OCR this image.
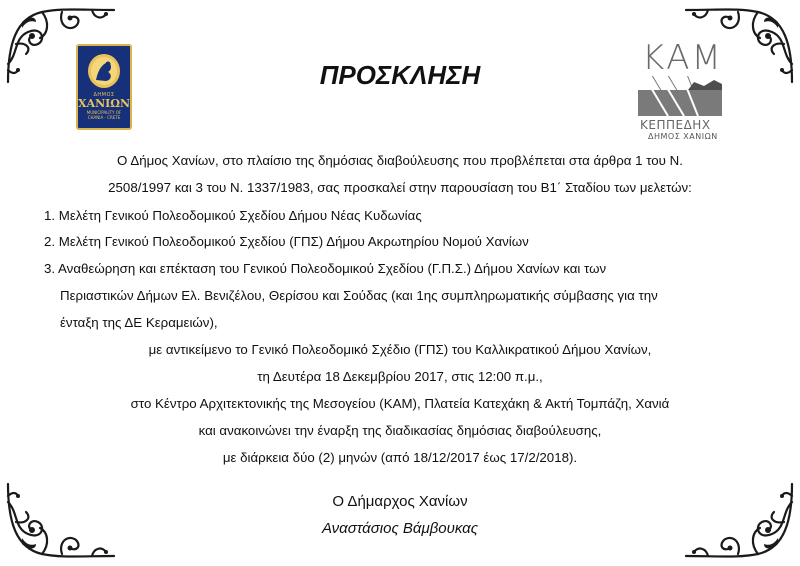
ΔΗΜΟΣ
ΧΑΝΙΩΝ
MUNICIPALITY OF
CHANIA - CRETE
ΚΑΜ
ΚΕΠΠΕΔΗΧ
ΔΗΜΟΣ ΧΑΝΙΩΝ
ΠΡΟΣΚΛΗΣΗ
Ο Δήμος Χανίων, στο πλαίσιο της δημόσιας διαβούλευσης που προβλέπεται στα άρθρα 1 του Ν.
2508/1997 και 3 του Ν. 1337/1983, σας προσκαλεί στην παρουσίαση του Β1΄ Σταδίου των μελετών:
1. Μελέτη Γενικού Πολεοδομικού Σχεδίου Δήμου Νέας Κυδωνίας
2. Μελέτη Γενικού Πολεοδομικού Σχεδίου (ΓΠΣ) Δήμου Ακρωτηρίου Νομού Χανίων
3. Αναθεώρηση και επέκταση του Γενικού Πολεοδομικού Σχεδίου (Γ.Π.Σ.) Δήμου Χανίων και των
Περιαστικών Δήμων Ελ. Βενιζέλου, Θερίσου και Σούδας (και 1ης συμπληρωματικής σύμβασης για την
ένταξη της ΔΕ Κεραμειών),
με αντικείμενο το Γενικό Πολεοδομικό Σχέδιο (ΓΠΣ) του Καλλικρατικού Δήμου Χανίων,
τη Δευτέρα 18 Δεκεμβρίου 2017, στις 12:00 π.μ.,
στο Κέντρο Αρχιτεκτονικής της Μεσογείου (ΚΑΜ), Πλατεία Κατεχάκη & Ακτή Τομπάζη, Χανιά
και ανακοινώνει την έναρξη της διαδικασίας δημόσιας διαβούλευσης,
με διάρκεια δύο (2) μηνών (από 18/12/2017 έως 17/2/2018).
Ο Δήμαρχος Χανίων
Αναστάσιος Βάμβουκας
